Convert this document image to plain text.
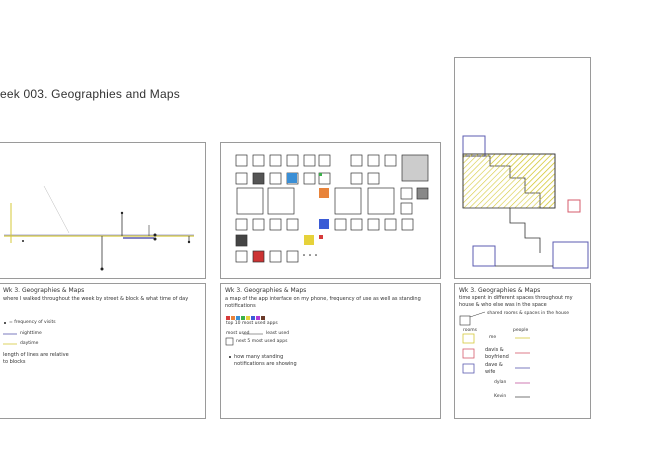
eek 003. Geographies and Maps
Wk 3. Geographies & Maps
where I walked throughout the week by street & block & what time of day
= frequency of visits
nighttime
daytime
length of lines are relative to blocks
Wk 3. Geographies & Maps
a map of the app interface on my phone, frequency of use as well as standing notifications
top 10 most used apps
most used	least used
next 5 most used apps
how many standing notifications are showing
Wk 3. Geographies & Maps
time spent in different spaces throughout my house & who else was in the space
shared rooms & spaces in the house
rooms	people
me
davis & boyfriend
dave & wife
dylan
Kevin
